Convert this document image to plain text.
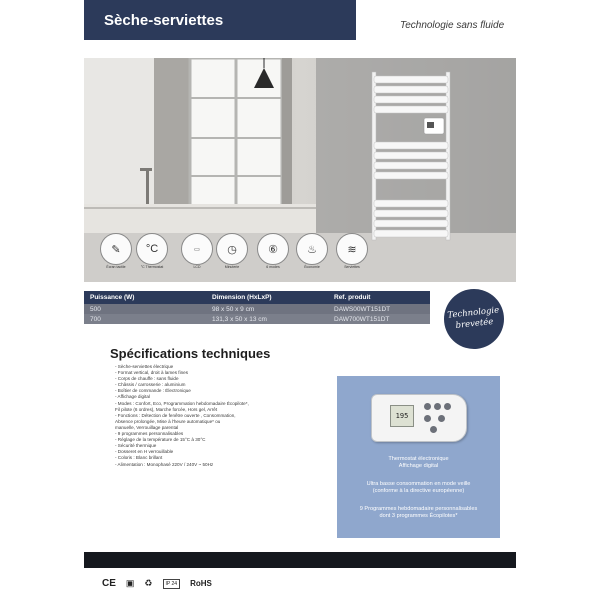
Sèche-serviettes	Technologie sans fluide
✎
Écran tactile
°C
°C Thermostat
▭
LCD
◷
Minuterie
⑥
6 modes
♨
Économie
≋
Serviettes
Puissance (W)	Dimension (HxLxP)	Ref. produit
500	98 x 50 x 9 cm	DAWS00WT151DT
700	131,3 x 50 x 13 cm	DAW700WT151DT	Technologie
brevetée
Spécifications techniques
- Sèche-serviettes électrique
- Format vertical, droit à lames fines
- Corps de chauffe : sans fluide
- Châssis / carrosserie : aluminium
- Boîtier de commande : Électronique
- Affichage digital
- Modes : Confort, Eco, Programmation hebdomadaire Écopilote*,
Fil pilote (6 ordres), Marche forcée, Hors gel, Arrêt
- Fonctions : Détection de fenêtre ouverte , Consommation,
Absence prolongée, Mise à l'heure automatique* ou
manuelle, Verrouillage parental
- 9 programmes personnalisables
- Réglage de la température de 15°C à 30°C
- Sécurité thermique
- Dosseret en H verrouillable
- Coloris : Blanc brillant
- Alimentation : Monophasé 220V / 240V ~ 50Hz
195
Thermostat électronique
Affichage digital
Ultra basse consommation en mode veille
(conforme à la directive européenne)
9 Programmes hebdomadaire personnalisables
dont 3 programmes Écopilotes*
CE ▣ ♻	IP 24	RoHS
